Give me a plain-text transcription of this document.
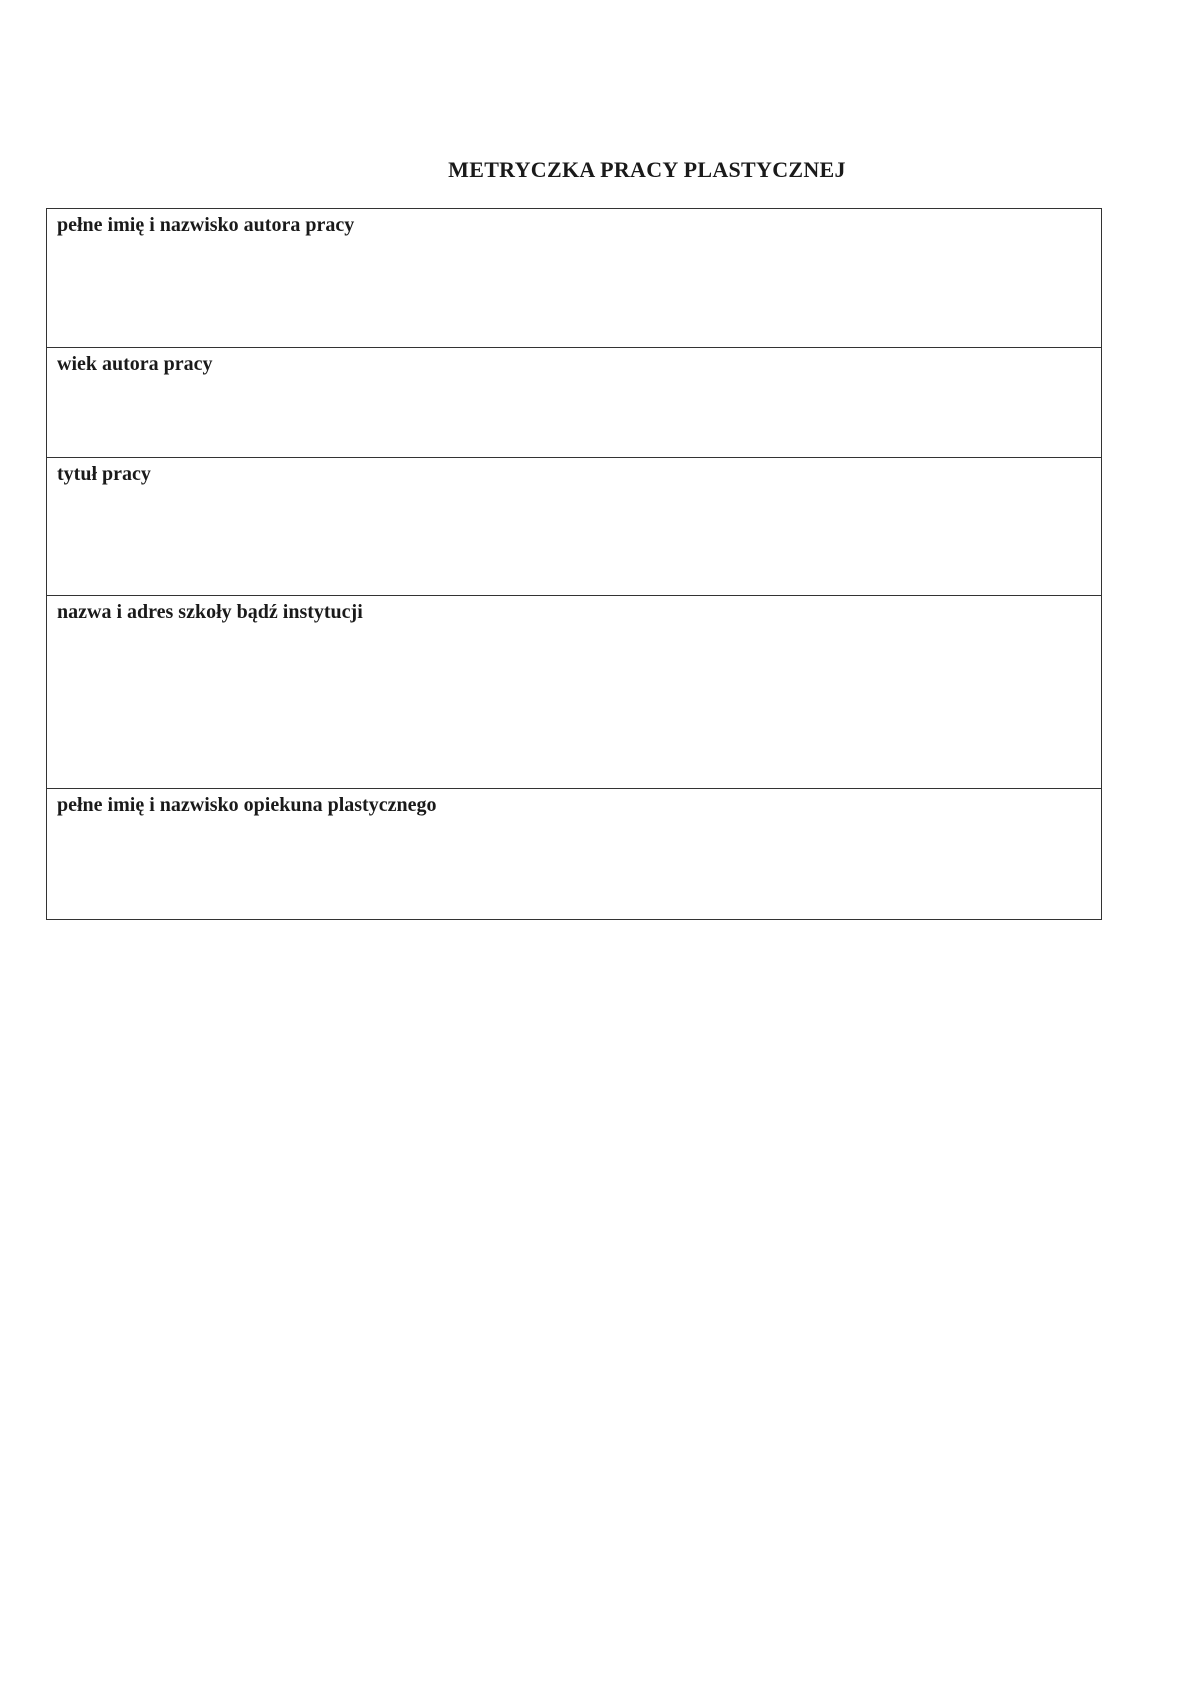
METRYCZKA PRACY PLASTYCZNEJ
pełne imię i nazwisko autora pracy
wiek autora pracy
tytuł pracy
nazwa i adres szkoły bądź instytucji
pełne imię i nazwisko opiekuna plastycznego
